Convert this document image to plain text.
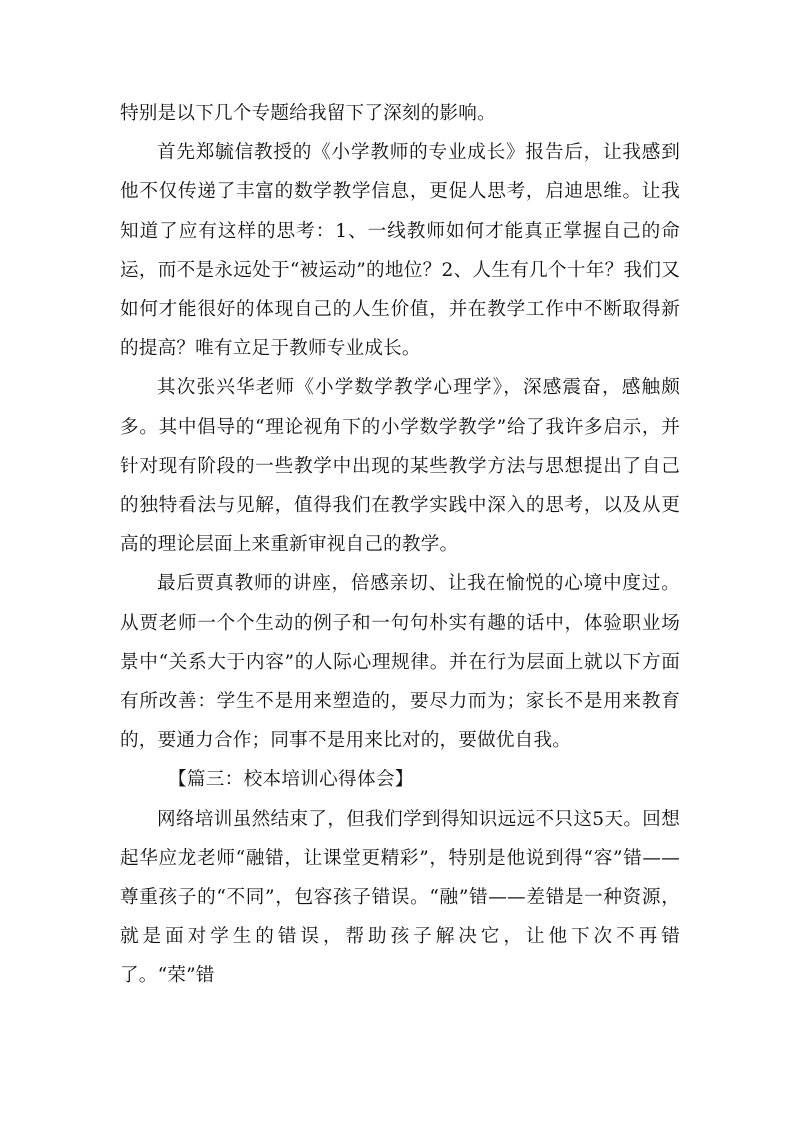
特别是以下几个专题给我留下了深刻的影响。

首先郑毓信教授的《小学教师的专业成长》报告后，让我感到他不仅传递了丰富的数学教学信息，更促人思考，启迪思维。让我知道了应有这样的思考：1、一线教师如何才能真正掌握自己的命运，而不是永远处于“被运动”的地位？2、人生有几个十年？我们又如何才能很好的体现自己的人生价值，并在教学工作中不断取得新的提高？唯有立足于教师专业成长。

其次张兴华老师《小学数学教学心理学》，深感震奋，感触颇多。其中倡导的“理论视角下的小学数学教学”给了我许多启示，并针对现有阶段的一些教学中出现的某些教学方法与思想提出了自己的独特看法与见解，值得我们在教学实践中深入的思考，以及从更高的理论层面上来重新审视自己的教学。

最后贾真教师的讲座，倍感亲切、让我在愉悦的心境中度过。从贾老师一个个生动的例子和一句句朴实有趣的话中，体验职业场景中“关系大于内容”的人际心理规律。并在行为层面上就以下方面有所改善：学生不是用来塑造的，要尽力而为；家长不是用来教育的，要通力合作；同事不是用来比对的，要做优自我。

【篇三：校本培训心得体会】

网络培训虽然结束了，但我们学到得知识远远不只这5天。回想起华应龙老师“融错，让课堂更精彩”，特别是他说到得“容”错——尊重孩子的“不同”，包容孩子错误。“融”错——差错是一种资源，就是面对学生的错误，帮助孩子解决它，让他下次不再错了。“荣”错
